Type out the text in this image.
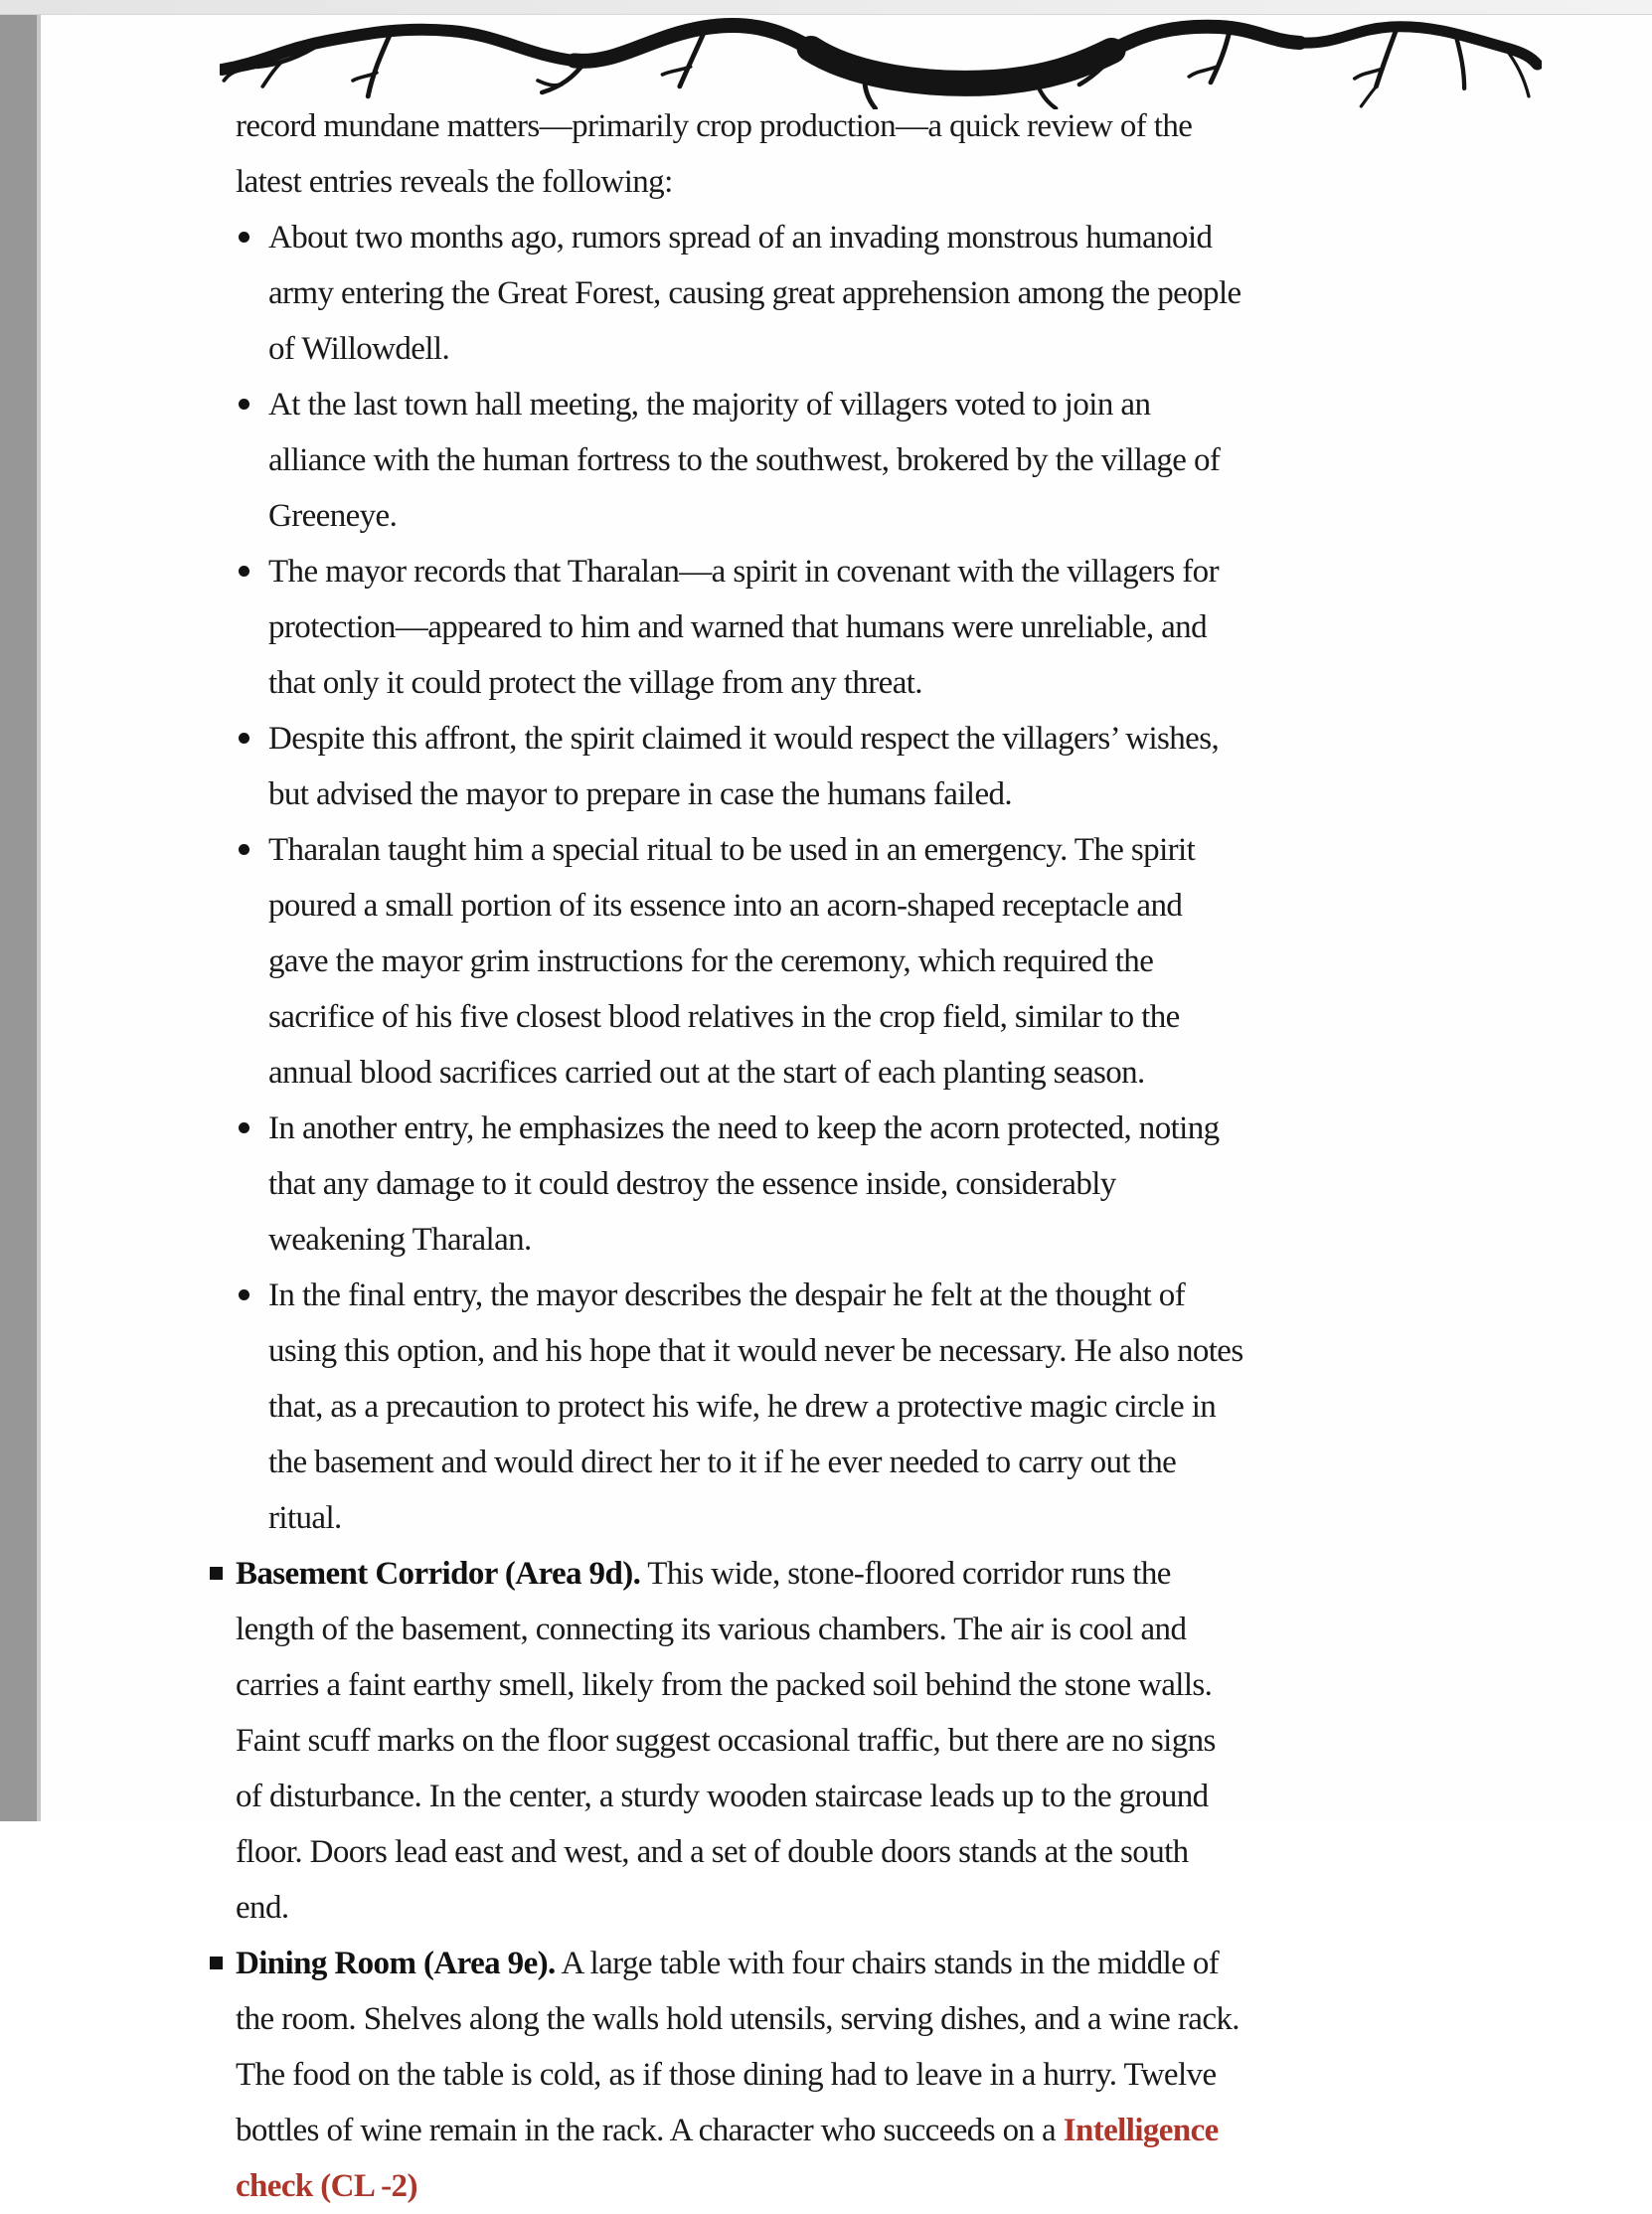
record mundane matters—primarily crop production—a quick review of the latest entries reveals the following:

About two months ago, rumors spread of an invading monstrous humanoid army entering the Great Forest, causing great apprehension among the people of Willowdell.
At the last town hall meeting, the majority of villagers voted to join an alliance with the human fortress to the southwest, brokered by the village of Greeneye.
The mayor records that Tharalan—a spirit in covenant with the villagers for protection—appeared to him and warned that humans were unreliable, and that only it could protect the village from any threat.
Despite this affront, the spirit claimed it would respect the villagers’ wishes, but advised the mayor to prepare in case the humans failed.
Tharalan taught him a special ritual to be used in an emergency. The spirit poured a small portion of its essence into an acorn-shaped receptacle and gave the mayor grim instructions for the ceremony, which required the sacrifice of his five closest blood relatives in the crop field, similar to the annual blood sacrifices carried out at the start of each planting season.
In another entry, he emphasizes the need to keep the acorn protected, noting that any damage to it could destroy the essence inside, considerably weakening Tharalan.
In the final entry, the mayor describes the despair he felt at the thought of using this option, and his hope that it would never be necessary. He also notes that, as a precaution to protect his wife, he drew a protective magic circle in the basement and would direct her to it if he ever needed to carry out the ritual.
Basement Corridor (Area 9d). This wide, stone-floored corridor runs the length of the basement, connecting its various chambers. The air is cool and carries a faint earthy smell, likely from the packed soil behind the stone walls. Faint scuff marks on the floor suggest occasional traffic, but there are no signs of disturbance. In the center, a sturdy wooden staircase leads up to the ground floor. Doors lead east and west, and a set of double doors stands at the south end.
Dining Room (Area 9e). A large table with four chairs stands in the middle of the room. Shelves along the walls hold utensils, serving dishes, and a wine rack. The food on the table is cold, as if those dining had to leave in a hurry. Twelve bottles of wine remain in the rack. A character who succeeds on a Intelligence check (CL -2)
